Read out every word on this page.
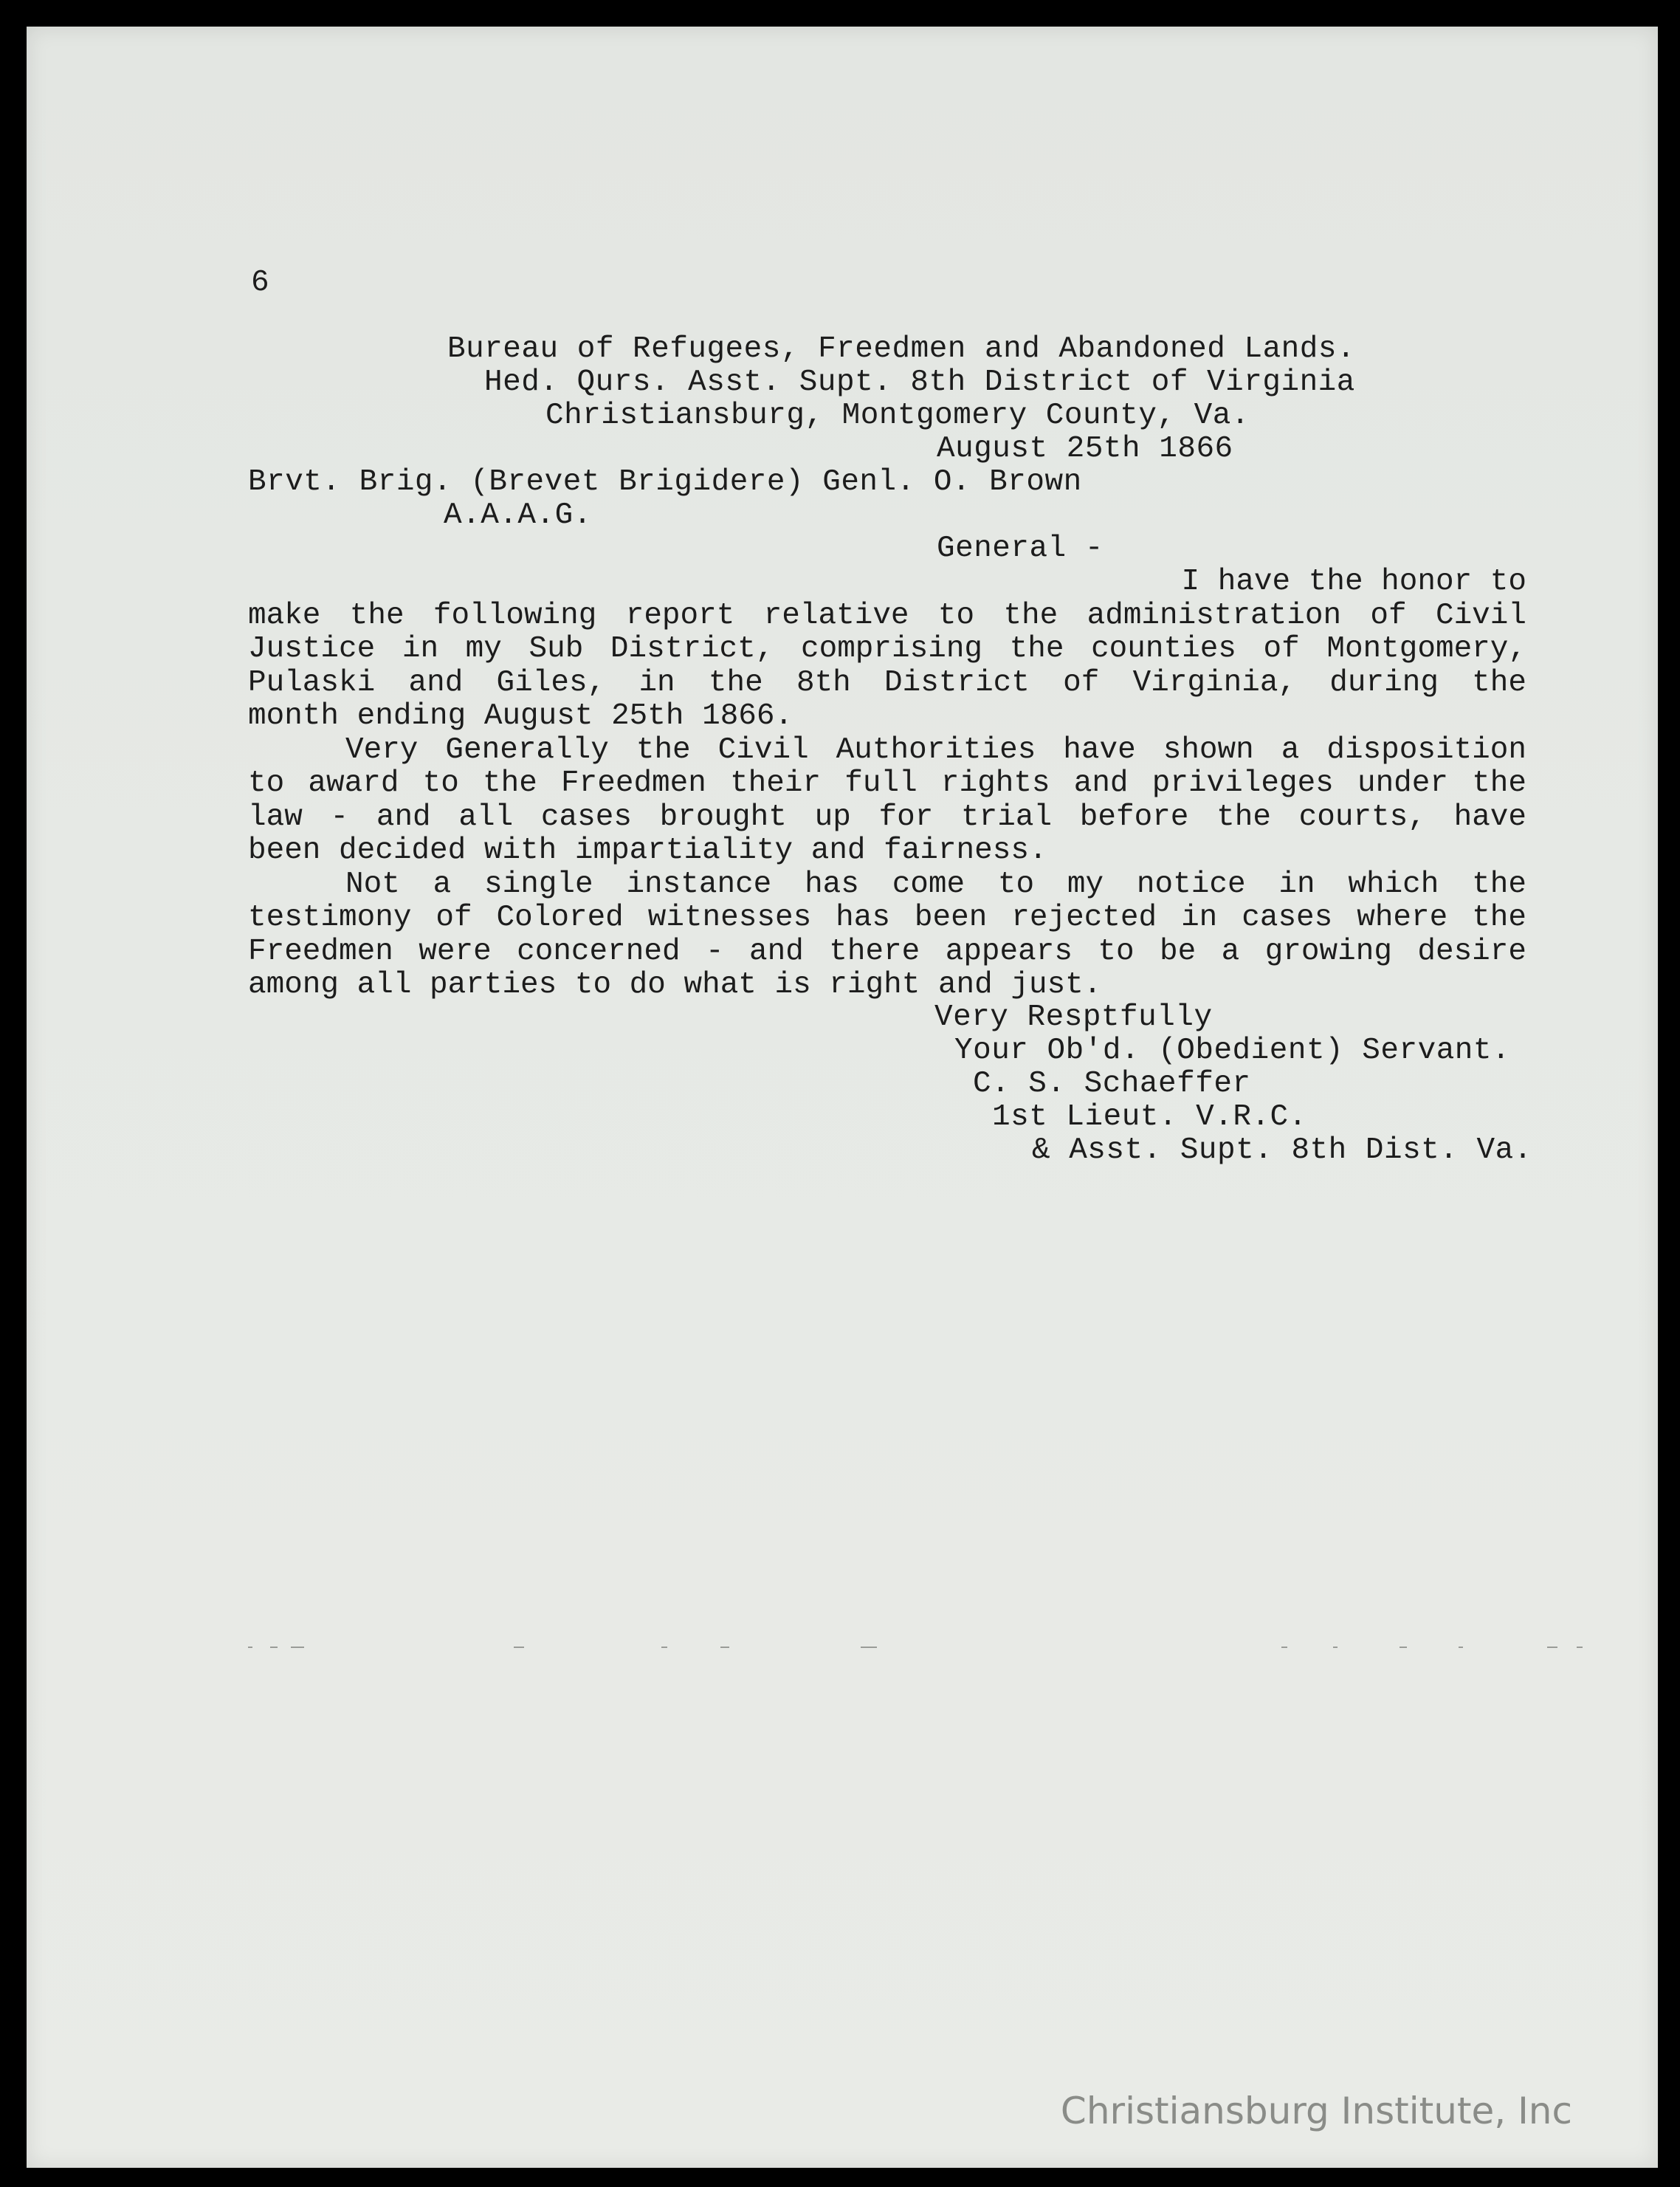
6
Bureau of Refugees, Freedmen and Abandoned Lands.
Hed. Qurs. Asst. Supt. 8th District of Virginia
Christiansburg, Montgomery County, Va.
August 25th 1866
Brvt. Brig. (Brevet Brigidere) Genl. O. Brown
A.A.A.G.
General -
I have the honor to
make the following report relative to the administration of Civil
Justice in my Sub District, comprising the counties of Montgomery,
Pulaski and Giles, in the 8th District of Virginia, during the
month ending August 25th 1866.
Very Generally the Civil Authorities have shown a disposition
to award to the Freedmen their full rights and privileges under the
law - and all cases brought up for trial before the courts, have
been decided with impartiality and fairness.
Not a single instance has come to my notice in which the
testimony of Colored witnesses has been rejected in cases where the
Freedmen were concerned - and there appears to be a growing desire
among all parties to do what is right and just.
Very Resptfully
Your Ob'd. (Obedient) Servant.
C. S. Schaeffer
1st Lieut. V.R.C.
& Asst. Supt. 8th Dist. Va.
Christiansburg Institute, Inc
